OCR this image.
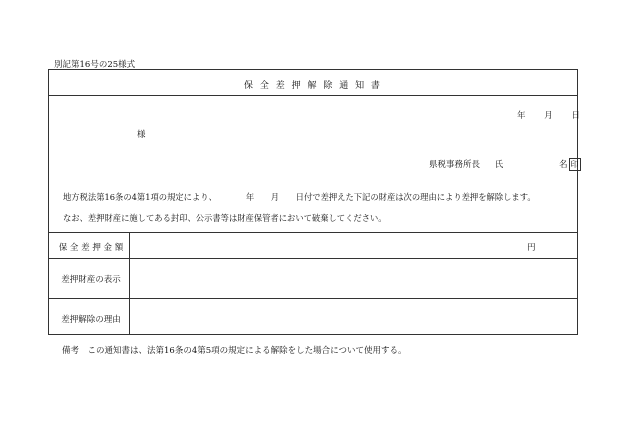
別記第16号の25様式
保 全 差 押 解 除 通 知 書
年 月 日
様
県税事務所長 氏	名 印
地方税法第16条の4第1項の規定により、　　　　年　　月　　日付で差押えた下記の財産は次の理由により差押を解除します。
なお、差押財産に施してある封印、公示書等は財産保管者において破棄してください。
保 全 差 押 金 額	円
差押財産の表示
差押解除の理由
備考　この通知書は、法第16条の4第5項の規定による解除をした場合について使用する。
